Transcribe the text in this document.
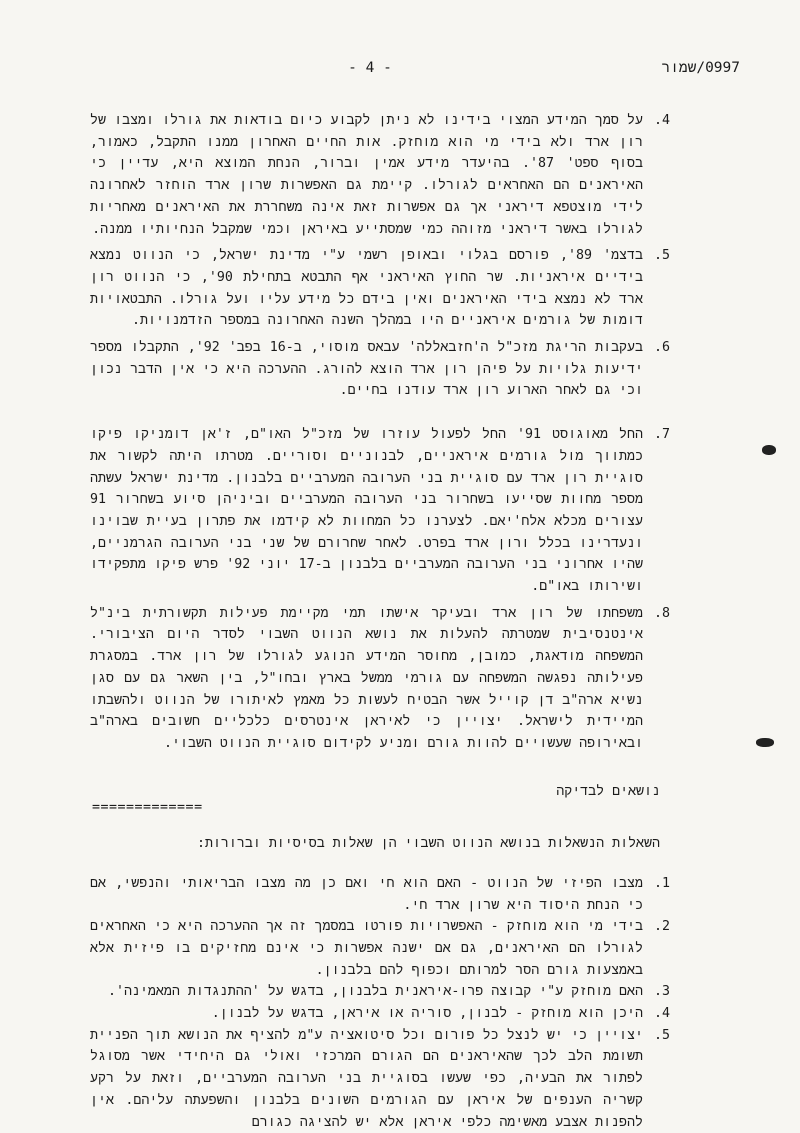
- 4 -	0997/שמור
4.
על סמך המידע המצוי בידינו לא ניתן לקבוע כיום בודאות את גורלו ומצבו של רון ארד ולא בידי מי הוא מוחזק. אות החיים האחרון ממנו התקבל, כאמור, בסוף ספט' 87'. בהיעדר מידע אמין וברור, הנחת המוצא היא, עדיין כי האיראנים הם האחראים לגורלו. קיימת גם האפשרות שרון ארד הוחזר לאחרונה לידי מוצטפא דיראני אך גם אפשרות זאת אינה משחררת את האיראנים מאחריות לגורלו באשר דיראני מזוהה כמי שמסתייע באיראן וכמי שמקבל הנחיותיו ממנה.
5.
בדצמ' 89', פורסם בגלוי ובאופן רשמי ע"י מדינת ישראל, כי הנווט נמצא בידיים איראניות. שר החוץ האיראני אף התבטא בתחילת 90', כי הנווט רון ארד לא נמצא בידי האיראנים ואין בידם כל מידע עליו ועל גורלו. התבטאויות דומות של גורמים איראניים היו במהלך השנה האחרונה במספר הזדמנויות.
6.
בעקבות הריגת מזכ"ל ה'חזבאללה' עבאס מוסוי, ב-16 בפב' 92', התקבלו מספר ידיעות גלויות על פיהן רון ארד הוצא להורג. ההערכה היא כי אין הדבר נכון וכי גם לאחר הארוע רון ארד עודנו בחיים.
7.
החל מאוגוסט 91' החל לפעול עוזרו של מזכ"ל האו"ם, ז'אן דומניקו פיקו כמתווך מול גורמים איראניים, לבנוניים וסוריים. מטרתו היתה לקשור את סוגיית רון ארד עם סוגיית בני הערובה המערביים בלבנון. מדינת ישראל עשתה מספר מחוות שסייעו בשחרור בני הערובה המערביים וביניהן סיוע בשחרור 91 עצורים מכלא אלח'יאם. לצערנו כל המחוות לא קידמו את פתרון בעיית שבוינו ונעדרינו בכלל ורון ארד בפרט. לאחר שחרורם של שני בני הערובה הגרמניים, שהיו אחרוני בני הערובה המערביים בלבנון ב-17 יוני 92' פרש פיקו מתפקידו ושירותו באו"ם.
8.
משפחתו של רון ארד ובעיקר אישתו תמי מקיימת פעילות תקשורתית בינ"ל אינטנסיבית שמטרתה להעלות את נושא הנווט השבוי לסדר היום הציבורי. המשפחה מודאגת, כמובן, מחוסר המידע הנוגע לגורלו של רון ארד. במסגרת פעילותה נפגשה המשפחה עם גורמי ממשל בארץ ובחו"ל, בין השאר גם עם סגן נשיא ארה"ב דן קוייל אשר הבטיח לעשות כל מאמץ לאיתורו של הנווט ולהשבתו המיידית לישראל. יצויין כי לאיראן אינטרסים כלכליים חשובים בארה"ב ובאירופה שעשויים להוות גורם ומניע לקידום סוגיית הנווט השבוי.
נושאים לבדיקה
=============

השאלות הנשאלות בנושא הנווט השבוי הן שאלות בסיסיות וברורות:

1.
מצבו הפיזי של הנווט - האם הוא חי ואם כן מה מצבו הבריאותי והנפשי, אם כי הנחת היסוד היא שרון ארד חי.
2.
בידי מי הוא מוחזק - האפשרויות פורטו במסמך זה אך ההערכה היא כי האחראים לגורלו הם האיראנים, גם אם ישנה אפשרות כי אינם מחזיקים בו פיזית אלא באמצעות גורם הסר למרותם וכפוף להם בלבנון.
3.
האם מוחזק ע"י קבוצה פרו-איראנית בלבנון, בדגש על 'ההתנגדות המאמינה'.
4.
היכן הוא מוחזק - לבנון, סוריה או איראן, בדגש על לבנון.
5.
יצויין כי יש לנצל כל פורום וכל סיטואציה ע"מ להציף את הנושא תוך הפניית תשומת הלב לכך שהאיראנים הם הגורם המרכזי ואולי גם היחידי אשר מסוגל לפתור את הבעיה, כפי שעשו בסוגיית בני הערובה המערביים, וזאת על רקע קשריה הענפים של איראן עם הגורמים השונים בלבנון והשפעתה עליהם. אין להפנות אצבע מאשימה כלפי איראן אלא יש להציגה כגורם
